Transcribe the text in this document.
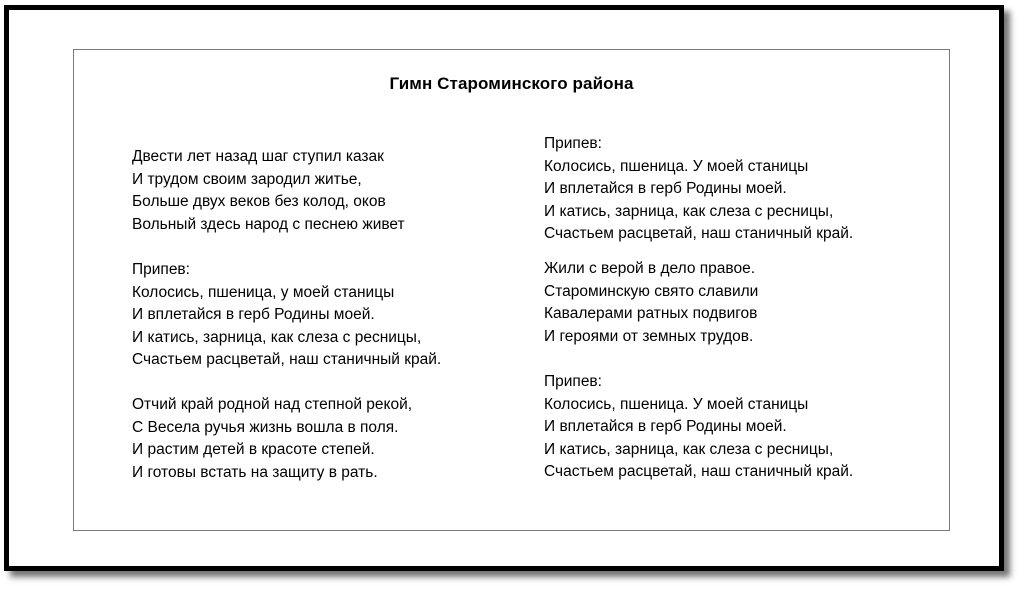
Гимн Староминского района
Двести лет назад шаг ступил казак
И трудом своим зародил житье,
Больше двух веков без колод, оков
Вольный здесь народ с песнею живет
Припев:
Колосись, пшеница, у моей станицы
И вплетайся в герб Родины моей.
И катись, зарница, как слеза с ресницы,
Счастьем расцветай, наш станичный край.
Отчий край родной над степной рекой,
С Весела ручья жизнь вошла в поля.
И растим детей в красоте степей.
И готовы встать на защиту в рать.
Припев:
Колосись, пшеница. У моей станицы
И вплетайся в герб Родины моей.
И катись, зарница, как слеза с ресницы,
Счастьем расцветай, наш станичный край.
Жили с верой в дело правое.
Староминскую свято славили
Кавалерами ратных подвигов
И героями от земных трудов.
Припев:
Колосись, пшеница. У моей станицы
И вплетайся в герб Родины моей.
И катись, зарница, как слеза с ресницы,
Счастьем расцветай, наш станичный край.
